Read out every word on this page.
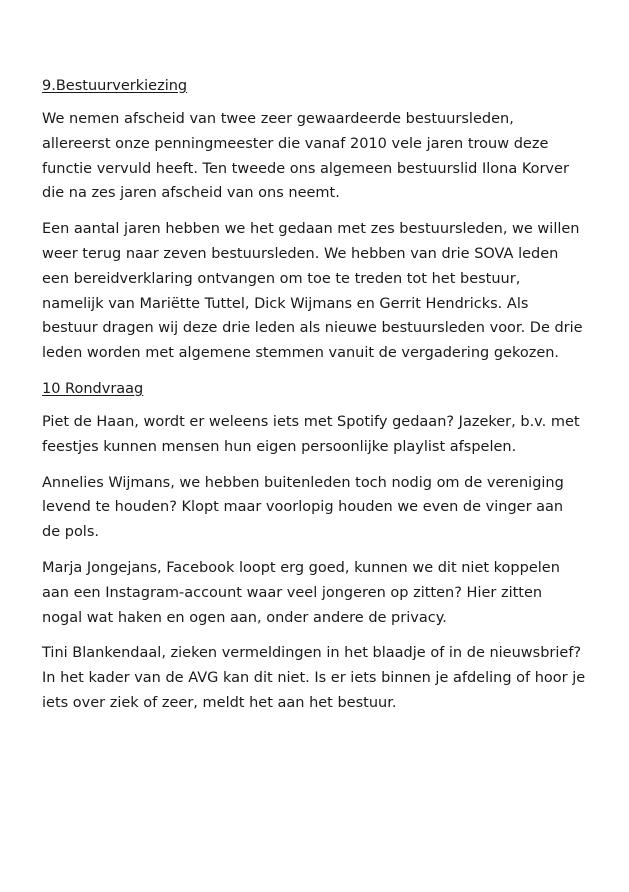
9.Bestuurverkiezing
We nemen afscheid van twee zeer gewaardeerde bestuursleden,
allereerst onze penningmeester die vanaf 2010 vele jaren trouw deze
functie vervuld heeft. Ten tweede ons algemeen bestuurslid Ilona Korver
die na zes jaren afscheid van ons neemt.
Een aantal jaren hebben we het gedaan met zes bestuursleden, we willen
weer terug naar zeven bestuursleden. We hebben van drie SOVA leden
een bereidverklaring ontvangen om toe te treden tot het bestuur,
namelijk van Mariëtte Tuttel, Dick Wijmans en Gerrit Hendricks. Als
bestuur dragen wij deze drie leden als nieuwe bestuursleden voor. De drie
leden worden met algemene stemmen vanuit de vergadering gekozen.
10 Rondvraag
Piet de Haan, wordt er weleens iets met Spotify gedaan? Jazeker, b.v. met
feestjes kunnen mensen hun eigen persoonlijke playlist afspelen.
Annelies Wijmans, we hebben buitenleden toch nodig om de vereniging
levend te houden? Klopt maar voorlopig houden we even de vinger aan
de pols.
Marja Jongejans, Facebook loopt erg goed, kunnen we dit niet koppelen
aan een Instagram-account waar veel jongeren op zitten? Hier zitten
nogal wat haken en ogen aan, onder andere de privacy.
Tini Blankendaal, zieken vermeldingen in het blaadje of in de nieuwsbrief?
In het kader van de AVG kan dit niet. Is er iets binnen je afdeling of hoor je
iets over ziek of zeer, meldt het aan het bestuur.
